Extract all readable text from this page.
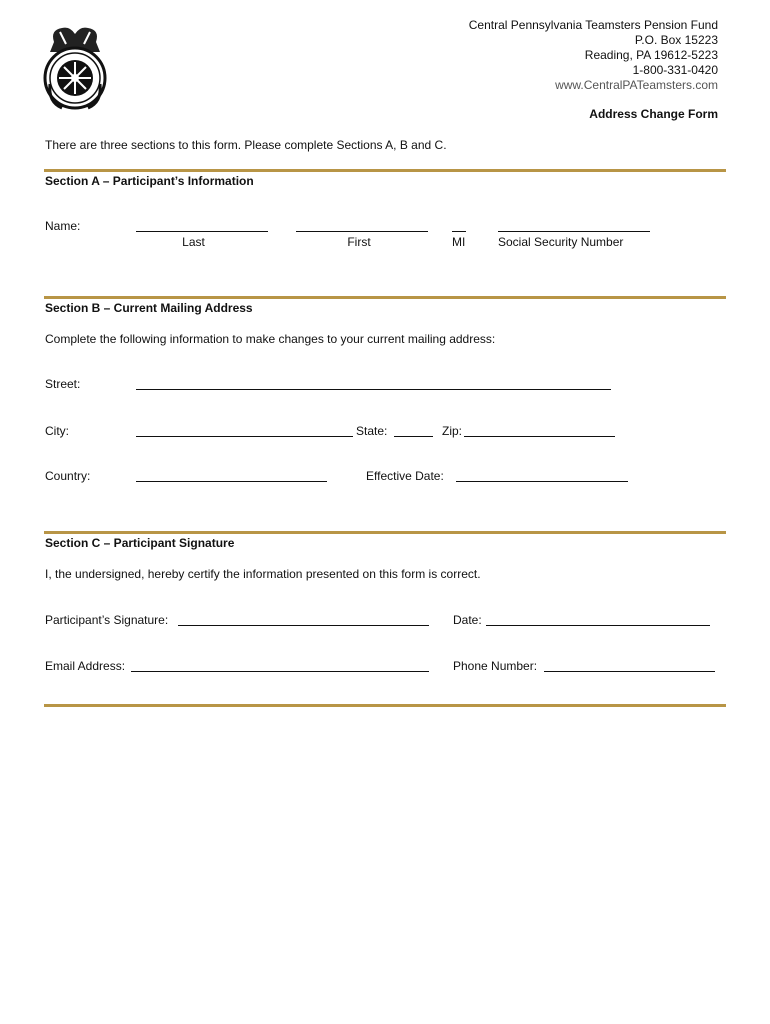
Central Pennsylvania Teamsters Pension Fund
P.O. Box 15223
Reading, PA 19612-5223
1-800-331-0420
www.CentralPATeamsters.com
Address Change Form
There are three sections to this form. Please complete Sections A, B and C.
Section A – Participant’s Information
Name:
Last	First	MI	Social Security Number
Section B – Current Mailing Address
Complete the following information to make changes to your current mailing address:
Street:
City:	State:	Zip:
Country:	Effective Date:
Section C – Participant Signature
I, the undersigned, hereby certify the information presented on this form is correct.
Participant’s Signature:	Date:
Email Address:	Phone Number:
